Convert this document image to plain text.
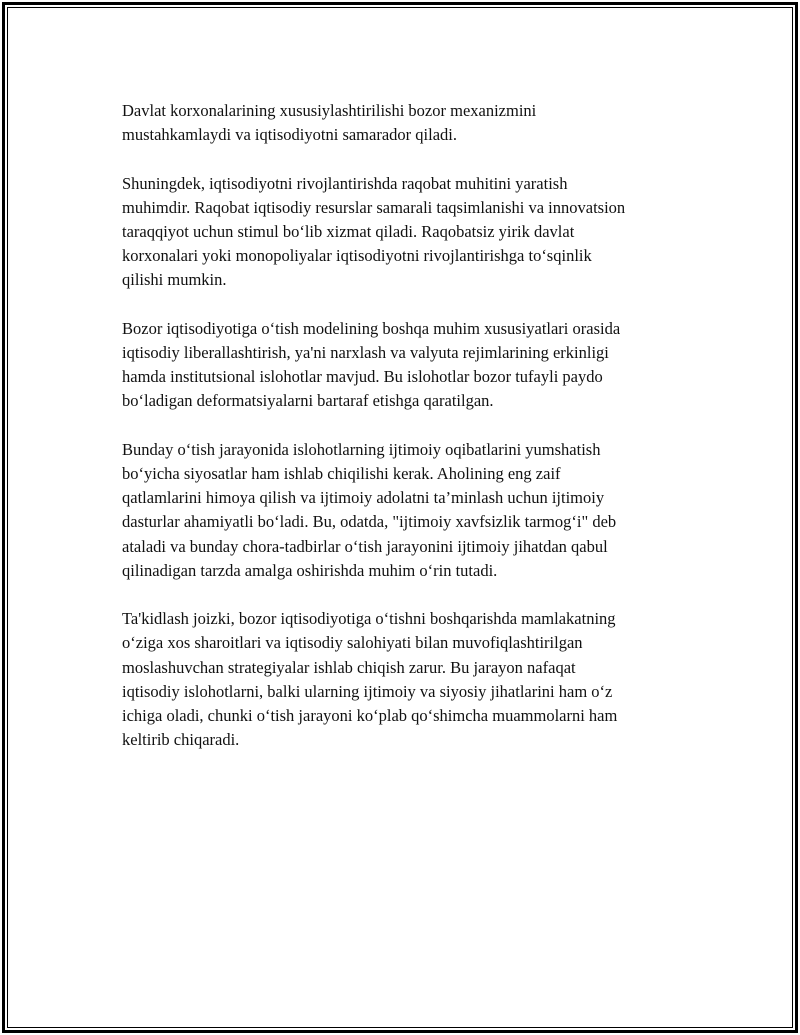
Davlat korxonalarining xususiylashtirilishi bozor mexanizmini
mustahkamlaydi va iqtisodiyotni samarador qiladi.

Shuningdek, iqtisodiyotni rivojlantirishda raqobat muhitini yaratish
muhimdir. Raqobat iqtisodiy resurslar samarali taqsimlanishi va innovatsion
taraqqiyot uchun stimul bo‘lib xizmat qiladi. Raqobatsiz yirik davlat
korxonalari yoki monopoliyalar iqtisodiyotni rivojlantirishga to‘sqinlik
qilishi mumkin.

Bozor iqtisodiyotiga o‘tish modelining boshqa muhim xususiyatlari orasida
iqtisodiy liberallashtirish, ya'ni narxlash va valyuta rejimlarining erkinligi
hamda institutsional islohotlar mavjud. Bu islohotlar bozor tufayli paydo
bo‘ladigan deformatsiyalarni bartaraf etishga qaratilgan.

Bunday o‘tish jarayonida islohotlarning ijtimoiy oqibatlarini yumshatish
bo‘yicha siyosatlar ham ishlab chiqilishi kerak. Aholining eng zaif
qatlamlarini himoya qilish va ijtimoiy adolatni ta’minlash uchun ijtimoiy
dasturlar ahamiyatli bo‘ladi. Bu, odatda, "ijtimoiy xavfsizlik tarmog‘i" deb
ataladi va bunday chora-tadbirlar o‘tish jarayonini ijtimoiy jihatdan qabul
qilinadigan tarzda amalga oshirishda muhim o‘rin tutadi.

Ta'kidlash joizki, bozor iqtisodiyotiga o‘tishni boshqarishda mamlakatning
o‘ziga xos sharoitlari va iqtisodiy salohiyati bilan muvofiqlashtirilgan
moslashuvchan strategiyalar ishlab chiqish zarur. Bu jarayon nafaqat
iqtisodiy islohotlarni, balki ularning ijtimoiy va siyosiy jihatlarini ham o‘z
ichiga oladi, chunki o‘tish jarayoni ko‘plab qo‘shimcha muammolarni ham
keltirib chiqaradi.
